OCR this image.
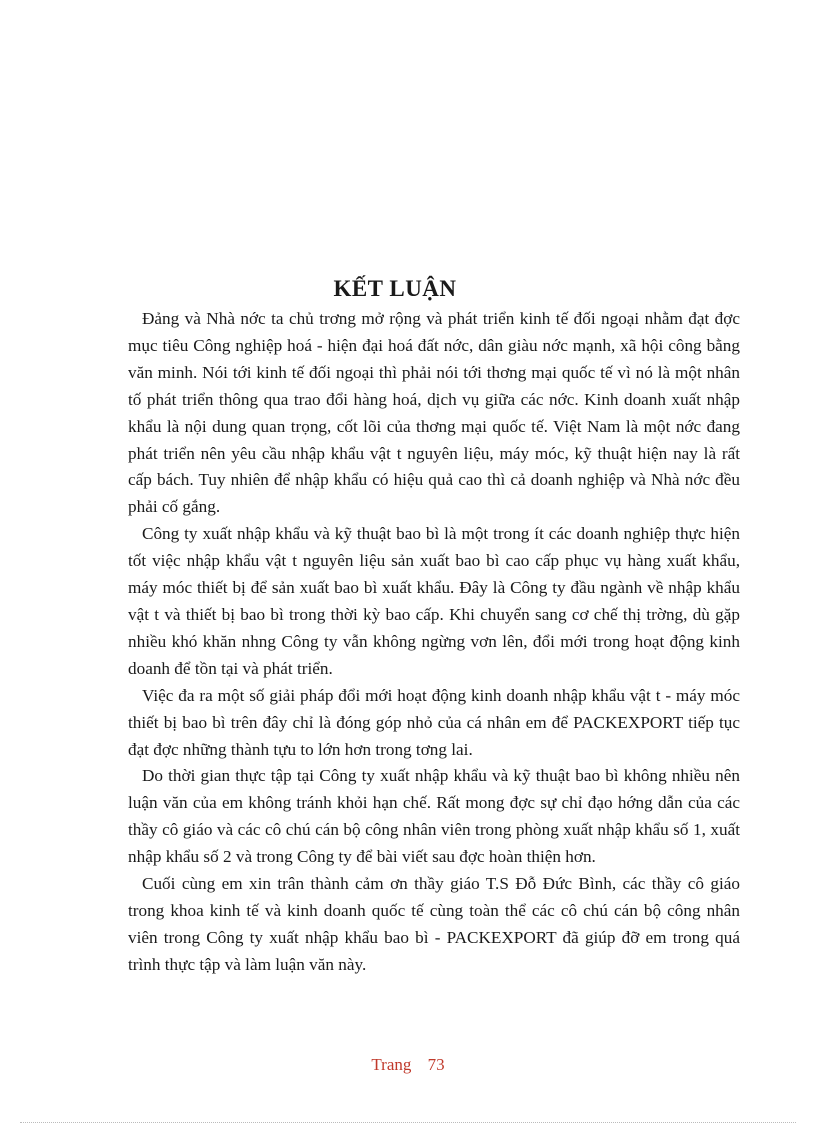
KẾT LUẬN

Đảng và Nhà nớc ta chủ trơng mở rộng và phát triển kinh tế đối ngoại nhằm đạt đợc mục tiêu Công nghiệp hoá - hiện đại hoá đất nớc, dân giàu nớc mạnh, xã hội công bằng văn minh. Nói tới kinh tế đối ngoại thì phải nói tới thơng mại quốc tế vì nó là một nhân tố phát triển thông qua trao đổi hàng hoá, dịch vụ giữa các nớc. Kinh doanh xuất nhập khẩu là nội dung quan trọng, cốt lõi của thơng mại quốc tế. Việt Nam là một nớc đang phát triển nên yêu cầu nhập khẩu vật t nguyên liệu, máy móc, kỹ thuật hiện nay là rất cấp bách. Tuy nhiên để nhập khẩu có hiệu quả cao thì cả doanh nghiệp và Nhà nớc đều phải cố gắng.

Công ty xuất nhập khẩu và kỹ thuật bao bì là một trong ít các doanh nghiệp thực hiện tốt việc nhập khẩu vật t nguyên liệu sản xuất bao bì cao cấp phục vụ hàng xuất khẩu, máy móc thiết bị để sản xuất bao bì xuất khẩu. Đây là Công ty đầu ngành về nhập khẩu vật t và thiết bị bao bì trong thời kỳ bao cấp. Khi chuyển sang cơ chế thị trờng, dù gặp nhiều khó khăn nhng Công ty vẫn không ngừng vơn lên, đổi mới trong hoạt động kinh doanh để tồn tại và phát triển.

Việc đa ra một số giải pháp đổi mới hoạt động kinh doanh nhập khẩu vật t - máy móc thiết bị bao bì trên đây chỉ là đóng góp nhỏ của cá nhân em để PACKEXPORT tiếp tục đạt đợc những thành tựu to lớn hơn trong tơng lai.

Do thời gian thực tập tại Công ty xuất nhập khẩu và kỹ thuật bao bì không nhiều nên luận văn của em không tránh khỏi hạn chế. Rất mong đợc sự chỉ đạo hớng dẫn của các thầy cô giáo và các cô chú cán bộ công nhân viên trong phòng xuất nhập khẩu số 1, xuất nhập khẩu số 2 và trong Công ty để bài viết sau đợc hoàn thiện hơn.

Cuối cùng em xin trân thành cảm ơn thầy giáo T.S Đỗ Đức Bình, các thầy cô giáo trong khoa kinh tế và kinh doanh quốc tế cùng toàn thể các cô chú cán bộ công nhân viên trong Công ty xuất nhập khẩu bao bì - PACKEXPORT đã giúp đỡ em trong quá trình thực tập và làm luận văn này.

Trang 73
